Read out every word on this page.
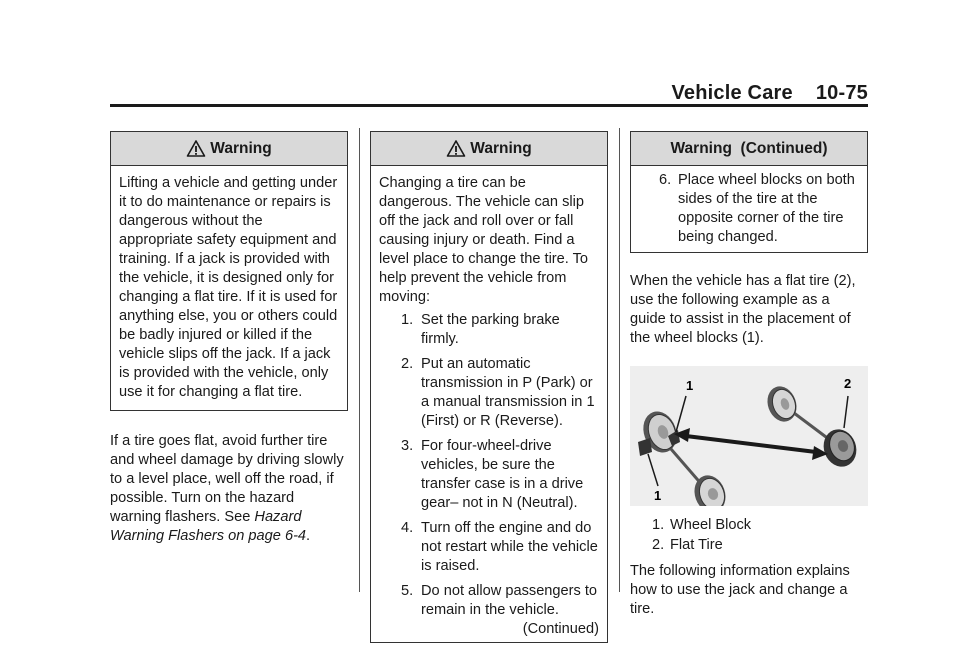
Vehicle Care    10-75
Warning

Lifting a vehicle and getting under it to do maintenance or repairs is dangerous without the appropriate safety equipment and training. If a jack is provided with the vehicle, it is designed only for changing a flat tire. If it is used for anything else, you or others could be badly injured or killed if the vehicle slips off the jack. If a jack is provided with the vehicle, only use it for changing a flat tire.

If a tire goes flat, avoid further tire and wheel damage by driving slowly to a level place, well off the road, if possible. Turn on the hazard warning flashers. See Hazard Warning Flashers on page 6-4.

Warning

Changing a tire can be dangerous. The vehicle can slip off the jack and roll over or fall causing injury or death. Find a level place to change the tire. To help prevent the vehicle from moving:

1. Set the parking brake firmly.
2. Put an automatic transmission in P (Park) or a manual transmission in 1 (First) or R (Reverse).
3. For four-wheel-drive vehicles, be sure the transfer case is in a drive gear– not in N (Neutral).
4. Turn off the engine and do not restart while the vehicle is raised.
5. Do not allow passengers to remain in the vehicle.

(Continued)

Warning  (Continued)
6. Place wheel blocks on both sides of the tire at the opposite corner of the tire being changed.

When the vehicle has a flat tire (2), use the following example as a guide to assist in the placement of the wheel blocks (1).

1
1
2
1. Wheel Block
2. Flat Tire

The following information explains how to use the jack and change a tire.
